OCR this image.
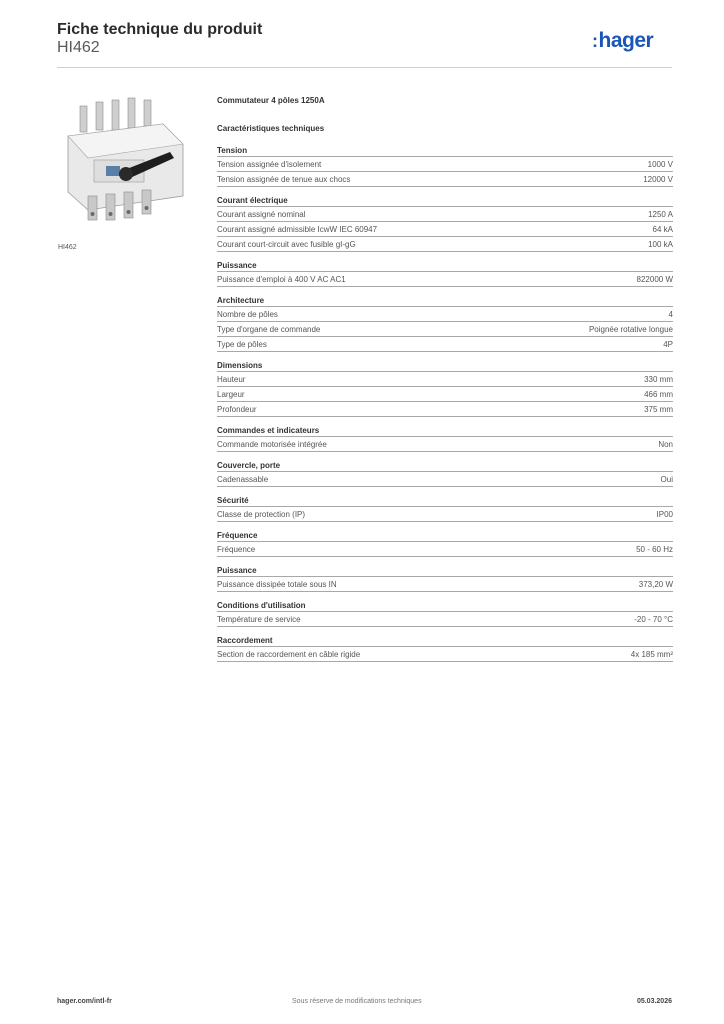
Fiche technique du produit
HI462	:hager
HI462
Commutateur 4 pôles 1250A
Caractéristiques techniques
Tension
Tension assignée d'isolement	1000 V
Tension assignée de tenue aux chocs	12000 V
Courant électrique
Courant assigné nominal	1250 A
Courant assigné admissible IcwW IEC 60947	64 kA
Courant court-circuit avec fusible gI-gG	100 kA
Puissance
Puissance d'emploi à 400 V AC AC1	822000 W
Architecture
Nombre de pôles	4
Type d'organe de commande	Poignée rotative longue
Type de pôles	4P
Dimensions
Hauteur	330 mm
Largeur	466 mm
Profondeur	375 mm
Commandes et indicateurs
Commande motorisée intégrée	Non
Couvercle, porte
Cadenassable	Oui
Sécurité
Classe de protection (IP)	IP00
Fréquence
Fréquence	50 - 60 Hz
Puissance
Puissance dissipée totale sous IN	373,20 W
Conditions d'utilisation
Température de service	-20 - 70 °C
Raccordement
Section de raccordement en câble rigide	4x 185 mm²
hager.com/intl-fr	Sous réserve de modifications techniques	05.03.2026
